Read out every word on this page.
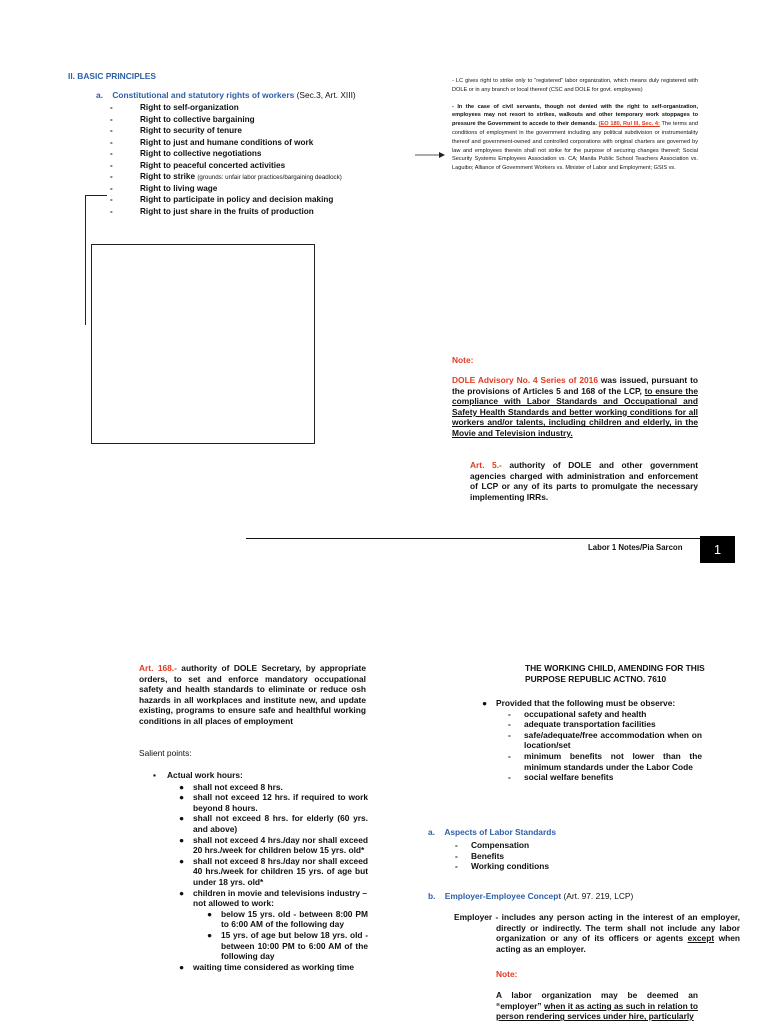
II. BASIC PRINCIPLES
a. Constitutional and statutory rights of workers (Sec.3, Art. XIII)
- Right to self-organization
- Right to collective bargaining
- Right to security of tenure
- Right to just and humane conditions of work
- Right to collective negotiations
- Right to peaceful concerted activities
- Right to strike (grounds: unfair labor practices/bargaining deadlock)
- Right to living wage
- Right to participate in policy and decision making
- Right to just share in the fruits of production
- LC gives right to strike only to “registered” labor organization, which means duly registered with DOLE or in any branch or local thereof (CSC and DOLE for govt. employees)
- In the case of civil servants, though not denied with the right to self-organization, employees may not resort to strikes, walkouts and other temporary work stoppages to pressure the Government to accede to their demands. (EO 180, Rul III, Sec. 4: The terms and conditions of employment in the government including any political subdivision or instrumentality thereof and government-owned and controlled corporations with original charters are governed by law and employees therein shall not strike for the purpose of securing changes thereof; Social Security Systems Employees Association vs. CA; Manila Public School Teachers Association vs. Laguibo; Alliance of Government Workers vs. Minister of Labor and Employment; GSIS vs.
Note:
DOLE Advisory No. 4 Series of 2016 was issued, pursuant to the provisions of Articles 5 and 168 of the LCP, to ensure the compliance with Labor Standards and Occupational and Safety Health Standards and better working conditions for all workers and/or talents, including children and elderly, in the Movie and Television industry.
Art. 5.- authority of DOLE and other government agencies charged with administration and enforcement of LCP or any of its parts to promulgate the necessary implementing IRRs.
Labor 1 Notes/Pia Sarcon	1
Art. 168.- authority of DOLE Secretary, by appropriate orders, to set and enforce mandatory occupational safety and health standards to eliminate or reduce osh hazards in all workplaces and institute new, and update existing, programs to ensure safe and healthful working conditions in all places of employment
Salient points:
▪ Actual work hours:
● shall not exceed 8 hrs.
● shall not exceed 12 hrs. if required to work beyond 8 hours.
● shall not exceed 8 hrs. for elderly (60 yrs. and above)
● shall not exceed 4 hrs./day nor shall exceed 20 hrs./week for children below 15 yrs. old*
● shall not exceed 8 hrs./day nor shall exceed 40 hrs./week for children 15 yrs. of age but under 18 yrs. old*
● children in movie and televisions industry – not allowed to work:
● below 15 yrs. old - between 8:00 PM to 6:00 AM of the following day
● 15 yrs. of age but below 18 yrs. old - between 10:00 PM to 6:00 AM of the following day
● waiting time considered as working time
THE WORKING CHILD, AMENDING FOR THIS PURPOSE REPUBLIC ACTNO. 7610
● Provided that the following must be observe:
- occupational safety and health
- adequate transportation facilities
- safe/adequate/free accommodation when on location/set
- minimum benefits not lower than the minimum standards under the Labor Code
- social welfare benefits
a. Aspects of Labor Standards
- Compensation
- Benefits
- Working conditions
b. Employer-Employee Concept (Art. 97. 219, LCP)
Employer - includes any person acting in the interest of an employer, directly or indirectly. The term shall not include any labor organization or any of its officers or agents except when acting as an employer.
Note:
A labor organization may be deemed an “employer” when it as acting as such in relation to person rendering services under hire, particularly
